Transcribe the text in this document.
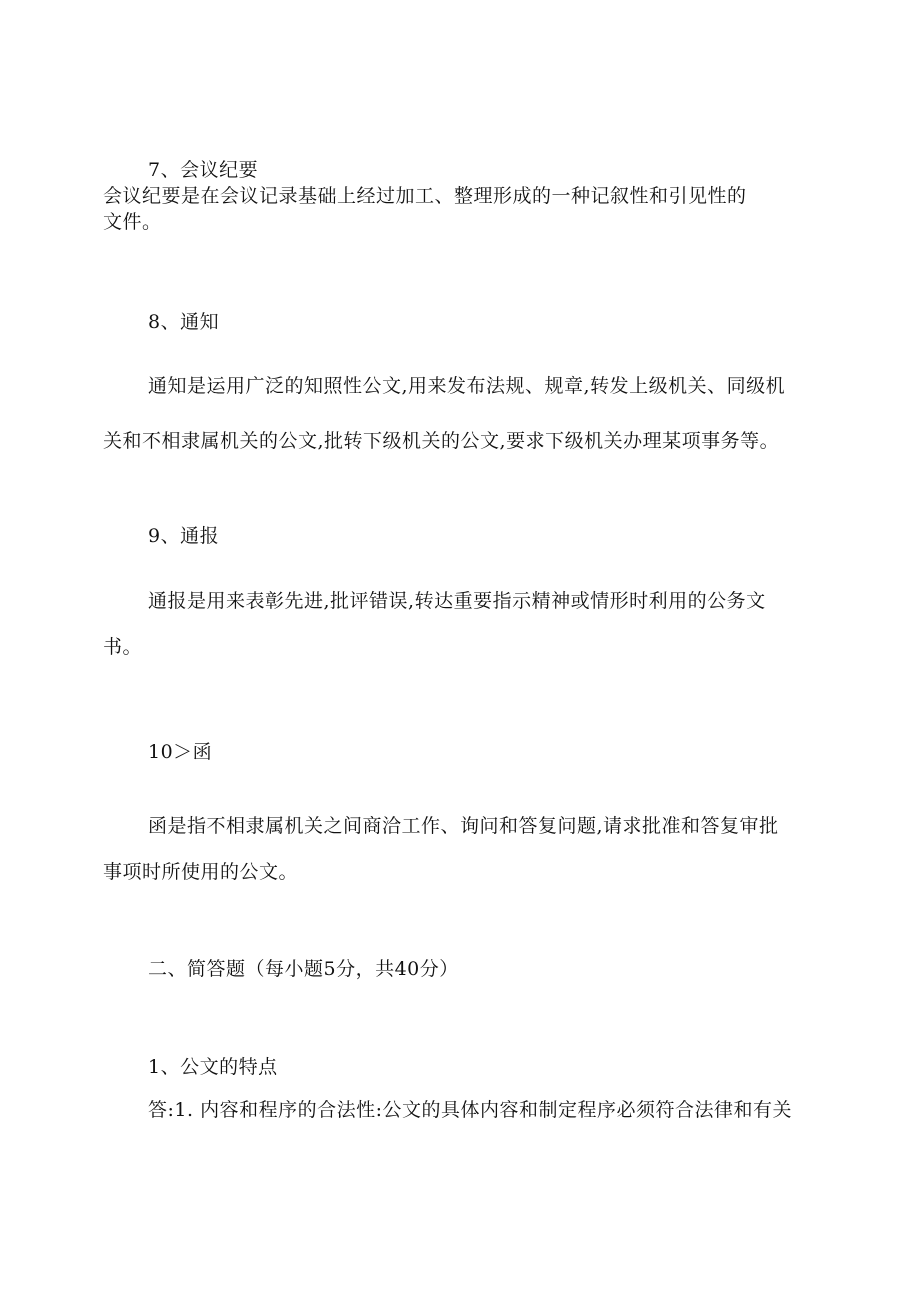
7、会议纪要
会议纪要是在会议记录基础上经过加工、整理形成的一种记叙性和引见性的
文件。
8、通知
通知是运用广泛的知照性公文,用来发布法规、规章,转发上级机关、同级机
关和不相隶属机关的公文,批转下级机关的公文,要求下级机关办理某项事务等。
9、通报
通报是用来表彰先进,批评错误,转达重要指示精神或情形时利用的公务文
书。
10＞函
函是指不相隶属机关之间商洽工作、询问和答复问题,请求批准和答复审批
事项时所使用的公文。
二、简答题（每小题5分，共40分）
1、公文的特点
答:1. 内容和程序的合法性:公文的具体内容和制定程序必须符合法律和有关
